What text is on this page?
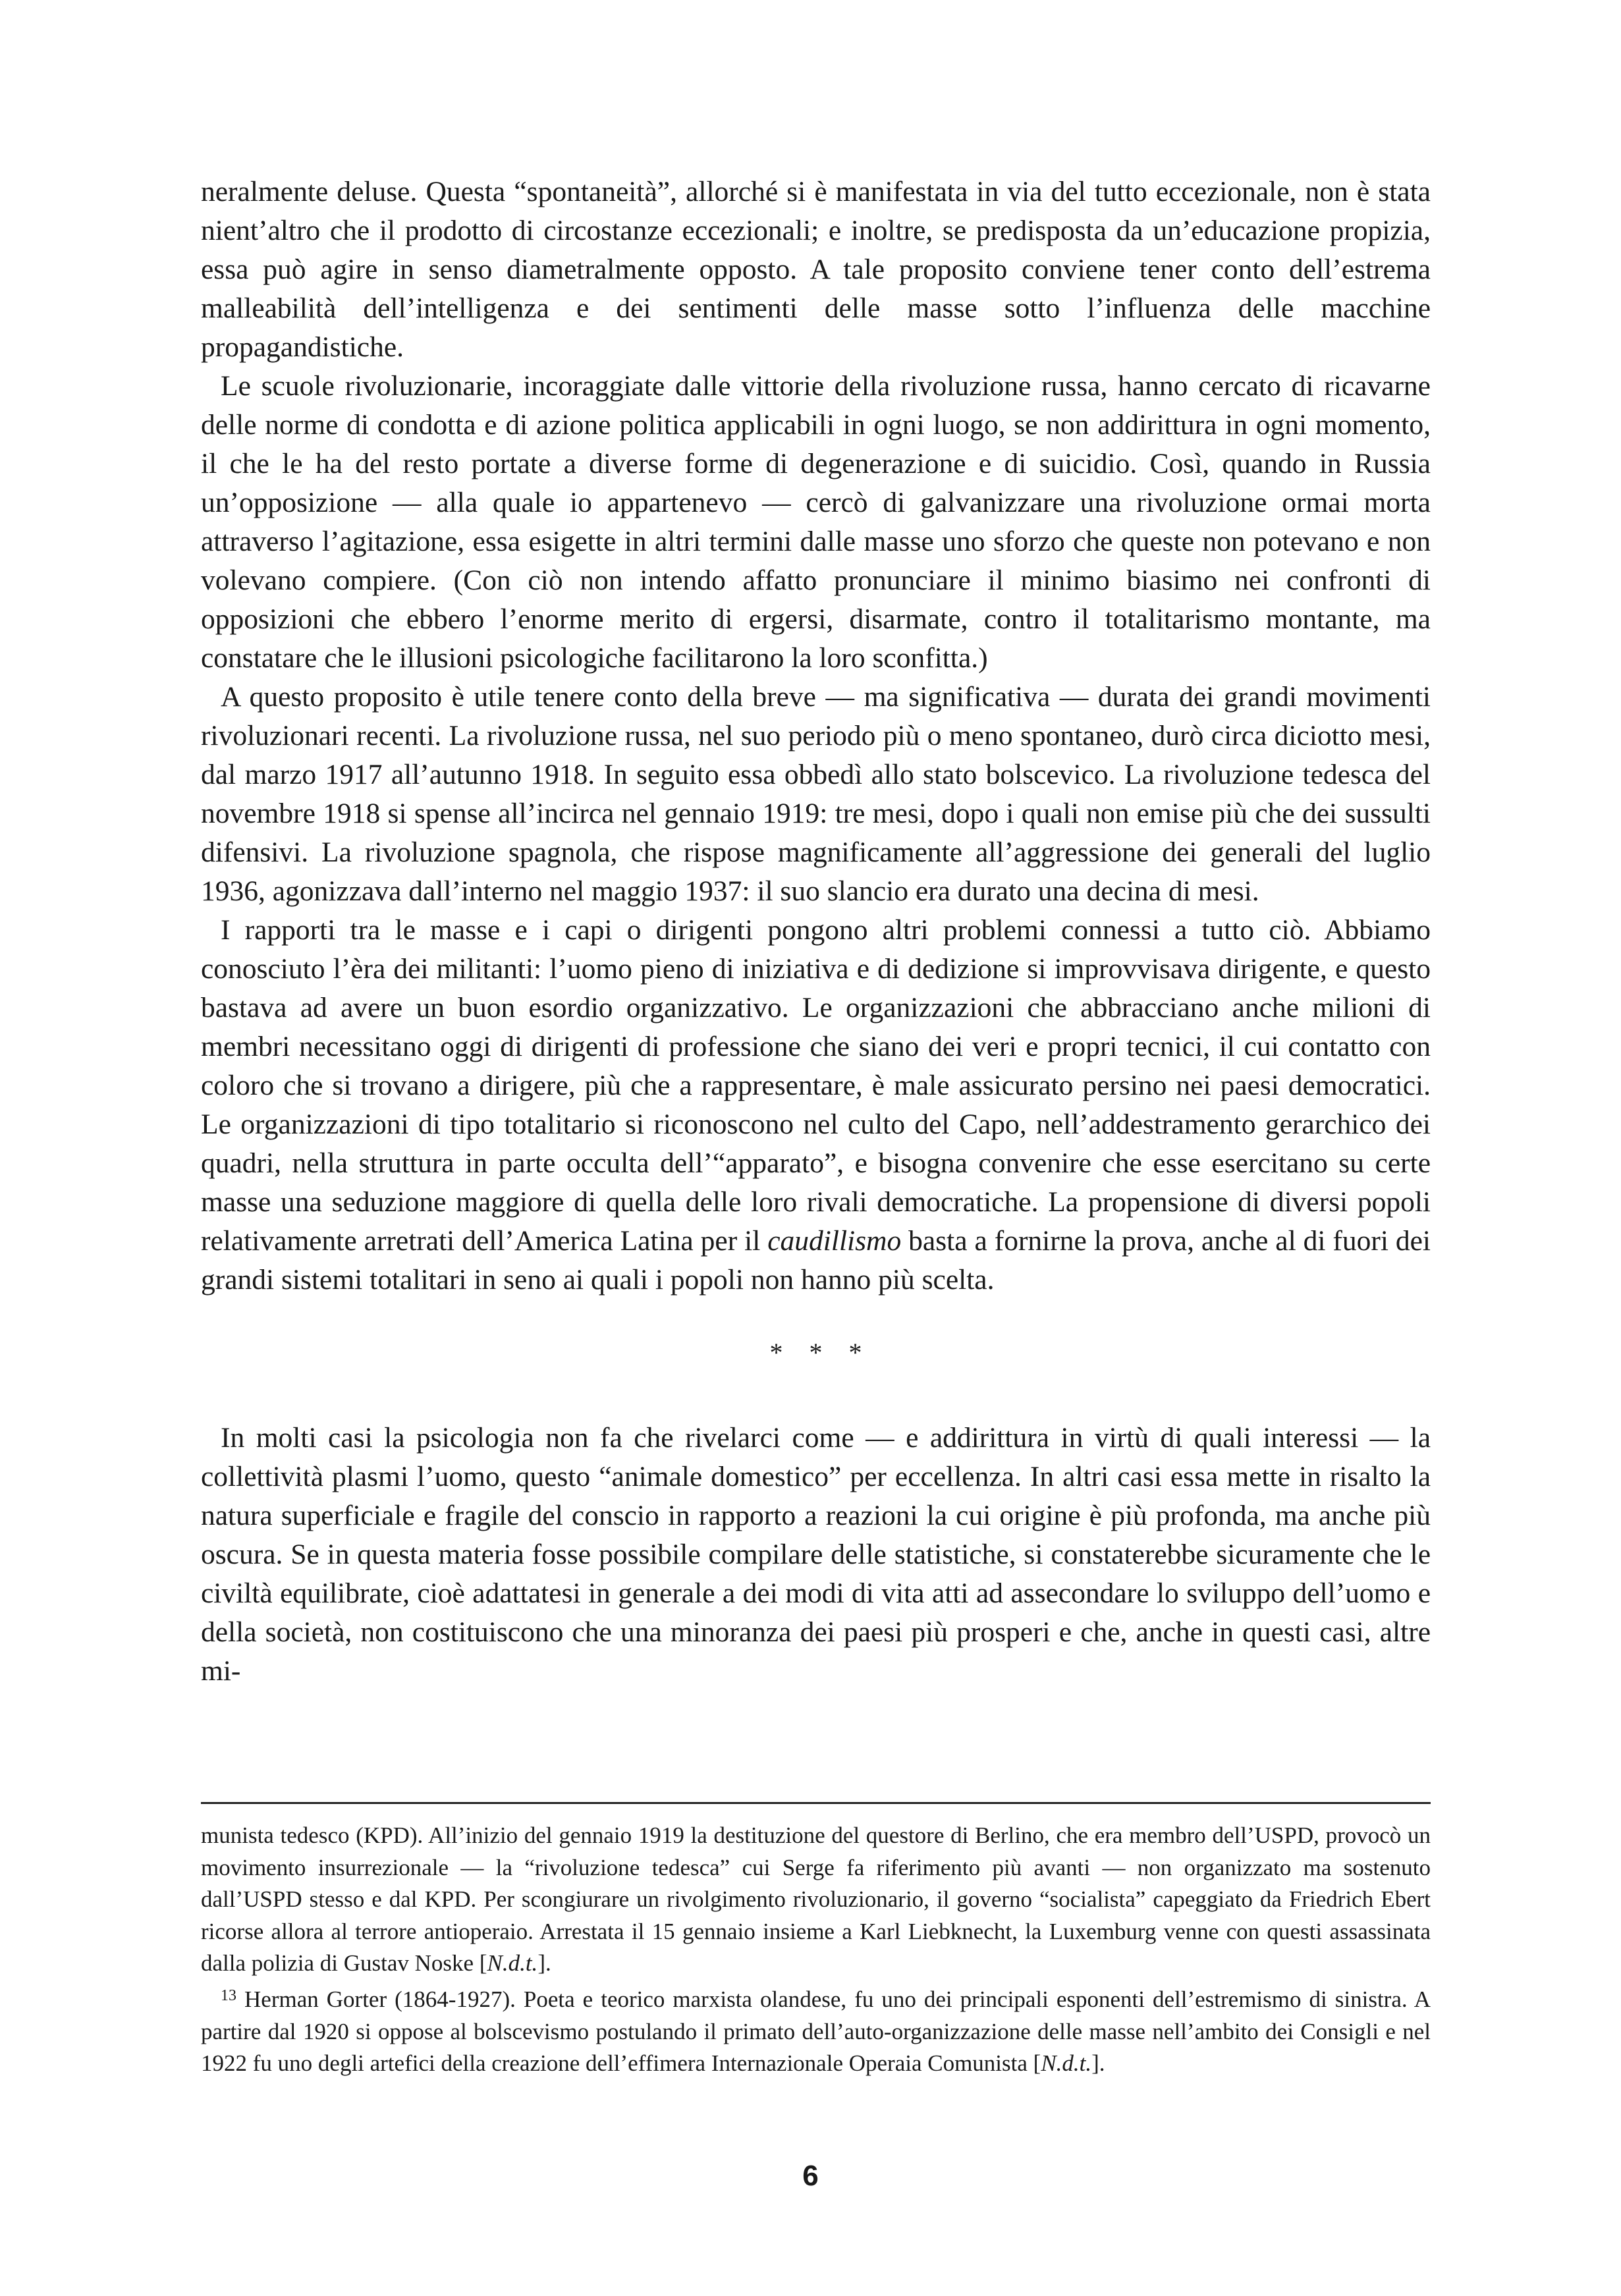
neralmente deluse. Questa “spontaneità”, allorché si è manifestata in via del tutto eccezionale, non è stata nient’altro che il prodotto di circostanze eccezionali; e inoltre, se predisposta da un’educazione propizia, essa può agire in senso diametralmente opposto. A tale proposito conviene tener conto dell’estrema malleabilità dell’intelligenza e dei sentimenti delle masse sotto l’influenza delle macchine propagandistiche.

Le scuole rivoluzionarie, incoraggiate dalle vittorie della rivoluzione russa, hanno cercato di ricavarne delle norme di condotta e di azione politica applicabili in ogni luogo, se non addirittura in ogni momento, il che le ha del resto portate a diverse forme di degenerazione e di suicidio. Così, quando in Russia un’opposizione — alla quale io appartenevo — cercò di galvanizzare una rivoluzione ormai morta attraverso l’agitazione, essa esigette in altri termini dalle masse uno sforzo che queste non potevano e non volevano compiere. (Con ciò non intendo affatto pronunciare il minimo biasimo nei confronti di opposizioni che ebbero l’enorme merito di ergersi, disarmate, contro il totalitarismo montante, ma constatare che le illusioni psicologiche facilitarono la loro sconfitta.)

A questo proposito è utile tenere conto della breve — ma significativa — durata dei grandi movimenti rivoluzionari recenti. La rivoluzione russa, nel suo periodo più o meno spontaneo, durò circa diciotto mesi, dal marzo 1917 all’autunno 1918. In seguito essa obbedì allo stato bolscevico. La rivoluzione tedesca del novembre 1918 si spense all’incirca nel gennaio 1919: tre mesi, dopo i quali non emise più che dei sussulti difensivi. La rivoluzione spagnola, che rispose magnificamente all’aggressione dei generali del luglio 1936, agonizzava dall’interno nel maggio 1937: il suo slancio era durato una decina di mesi.

I rapporti tra le masse e i capi o dirigenti pongono altri problemi connessi a tutto ciò. Abbiamo conosciuto l’èra dei militanti: l’uomo pieno di iniziativa e di dedizione si improvvisava dirigente, e questo bastava ad avere un buon esordio organizzativo. Le organizzazioni che abbracciano anche milioni di membri necessitano oggi di dirigenti di professione che siano dei veri e propri tecnici, il cui contatto con coloro che si trovano a dirigere, più che a rappresentare, è male assicurato persino nei paesi democratici. Le organizzazioni di tipo totalitario si riconoscono nel culto del Capo, nell’addestramento gerarchico dei quadri, nella struttura in parte occulta dell’“apparato”, e bisogna convenire che esse esercitano su certe masse una seduzione maggiore di quella delle loro rivali democratiche. La propensione di diversi popoli relativamente arretrati dell’America Latina per il caudillismo basta a fornirne la prova, anche al di fuori dei grandi sistemi totalitari in seno ai quali i popoli non hanno più scelta.

* * *

In molti casi la psicologia non fa che rivelarci come — e addirittura in virtù di quali interessi — la collettività plasmi l’uomo, questo “animale domestico” per eccellenza. In altri casi essa mette in risalto la natura superficiale e fragile del conscio in rapporto a reazioni la cui origine è più profonda, ma anche più oscura. Se in questa materia fosse possibile compilare delle statistiche, si constaterebbe sicuramente che le civiltà equilibrate, cioè adattatesi in generale a dei modi di vita atti ad assecondare lo sviluppo dell’uomo e della società, non costituiscono che una minoranza dei paesi più prosperi e che, anche in questi casi, altre mi-

munista tedesco (KPD). All’inizio del gennaio 1919 la destituzione del questore di Berlino, che era membro dell’USPD, provocò un movimento insurrezionale — la “rivoluzione tedesca” cui Serge fa riferimento più avanti — non organizzato ma sostenuto dall’USPD stesso e dal KPD. Per scongiurare un rivolgimento rivoluzionario, il governo “socialista” capeggiato da Friedrich Ebert ricorse allora al terrore antioperaio. Arrestata il 15 gennaio insieme a Karl Liebknecht, la Luxemburg venne con questi assassinata dalla polizia di Gustav Noske [N.d.t.].

$^{13}$ Herman Gorter (1864-1927). Poeta e teorico marxista olandese, fu uno dei principali esponenti dell’estremismo di sinistra. A partire dal 1920 si oppose al bolscevismo postulando il primato dell’auto-organizzazione delle masse nell’ambito dei Consigli e nel 1922 fu uno degli artefici della creazione dell’effimera Internazionale Operaia Comunista [N.d.t.].

6
